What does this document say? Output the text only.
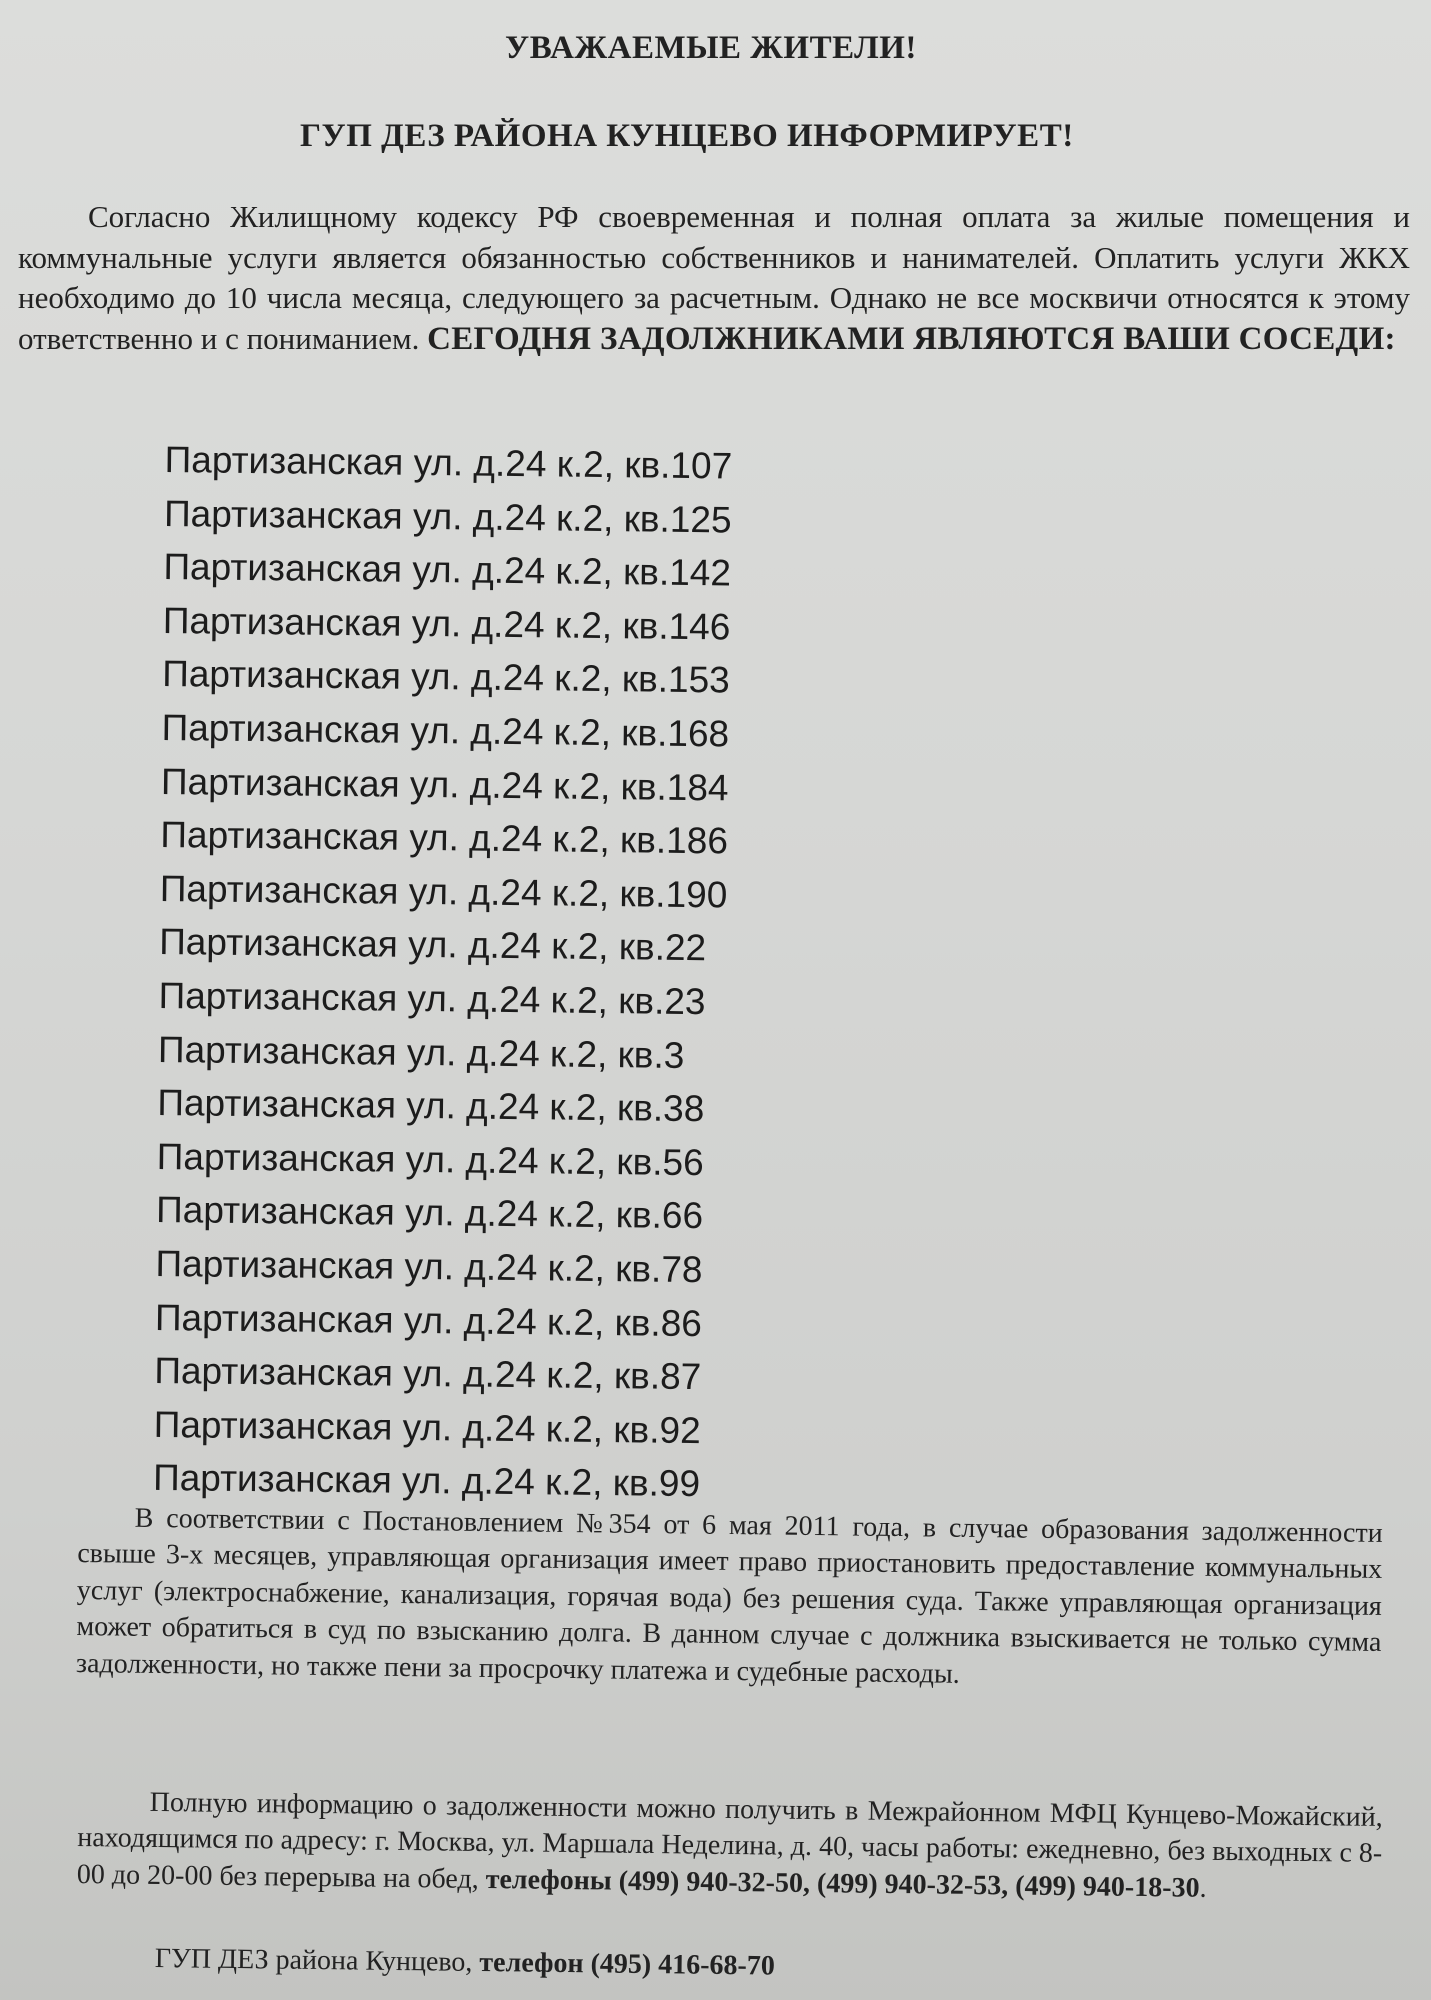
УВАЖАЕМЫЕ ЖИТЕЛИ!
ГУП ДЕЗ РАЙОНА КУНЦЕВО ИНФОРМИРУЕТ!
Согласно Жилищному кодексу РФ своевременная и полная оплата за жилые помещения и коммунальные услуги является обязанностью собственников и нанимателей. Оплатить услуги ЖКХ необходимо до 10 числа месяца, следующего за расчетным. Однако не все москвичи относятся к этому ответственно и с пониманием. СЕГОДНЯ ЗАДОЛЖНИКАМИ ЯВЛЯЮТСЯ ВАШИ СОСЕДИ:
Партизанская ул. д.24 к.2, кв.107
Партизанская ул. д.24 к.2, кв.125
Партизанская ул. д.24 к.2, кв.142
Партизанская ул. д.24 к.2, кв.146
Партизанская ул. д.24 к.2, кв.153
Партизанская ул. д.24 к.2, кв.168
Партизанская ул. д.24 к.2, кв.184
Партизанская ул. д.24 к.2, кв.186
Партизанская ул. д.24 к.2, кв.190
Партизанская ул. д.24 к.2, кв.22
Партизанская ул. д.24 к.2, кв.23
Партизанская ул. д.24 к.2, кв.3
Партизанская ул. д.24 к.2, кв.38
Партизанская ул. д.24 к.2, кв.56
Партизанская ул. д.24 к.2, кв.66
Партизанская ул. д.24 к.2, кв.78
Партизанская ул. д.24 к.2, кв.86
Партизанская ул. д.24 к.2, кв.87
Партизанская ул. д.24 к.2, кв.92
Партизанская ул. д.24 к.2, кв.99
В соответствии с Постановлением №354 от 6 мая 2011 года, в случае образования задолженности свыше 3-х месяцев, управляющая организация имеет право приостановить предоставление коммунальных услуг (электроснабжение, канализация, горячая вода) без решения суда. Также управляющая организация может обратиться в суд по взысканию долга. В данном случае с должника взыскивается не только сумма задолженности, но также пени за просрочку платежа и судебные расходы.
Полную информацию о задолженности можно получить в Межрайонном МФЦ Кунцево-Можайский, находящимся по адресу: г. Москва, ул. Маршала Неделина, д. 40, часы работы: ежедневно, без выходных с 8-00 до 20-00 без перерыва на обед, телефоны (499) 940-32-50, (499) 940-32-53, (499) 940-18-30.
ГУП ДЕЗ района Кунцево, телефон (495) 416-68-70
